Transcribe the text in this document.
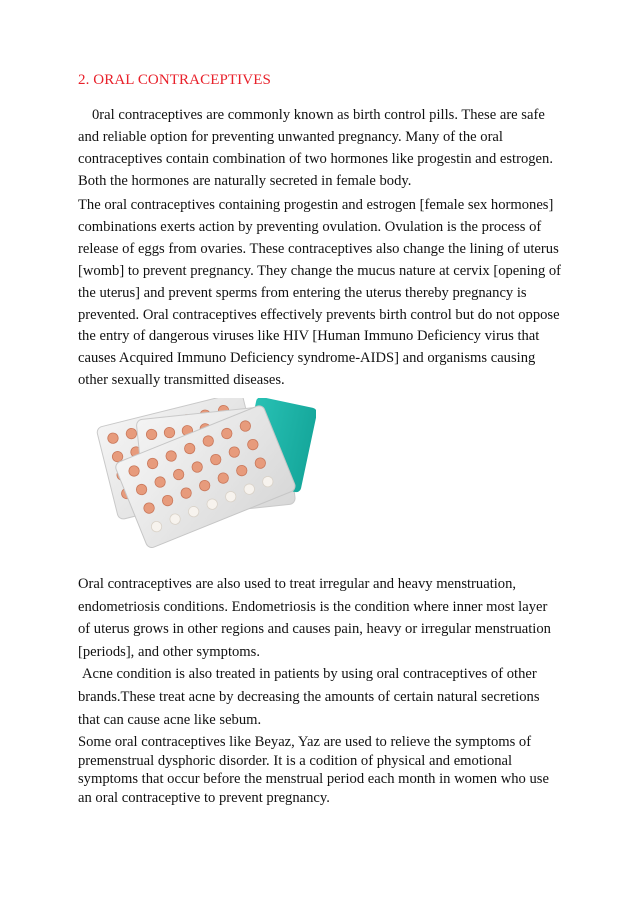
2. ORAL CONTRACEPTIVES

0ral contraceptives are commonly known as birth control pills. These are safe and reliable option for preventing unwanted pregnancy. Many of the oral contraceptives contain combination of two hormones like progestin and estrogen. Both the hormones are naturally secreted in female body.

The oral contraceptives containing progestin and estrogen [female sex hormones] combinations exerts action by preventing ovulation. Ovulation is the process of release of eggs from ovaries. These contraceptives also change the lining of uterus [womb] to prevent pregnancy. They change the mucus nature at cervix [opening of the uterus] and prevent sperms from entering the uterus thereby pregnancy is prevented. Oral contraceptives effectively prevents birth control but do not oppose the entry of dangerous viruses like HIV [Human Immuno Deficiency virus that causes Acquired Immuno Deficiency syndrome-AIDS] and organisms causing other sexually transmitted diseases.

Oral contraceptives are also used to treat irregular and heavy menstruation, endometriosis conditions. Endometriosis is the condition where inner most layer of uterus grows in other regions and causes pain, heavy or irregular menstruation [periods], and other symptoms.

Acne condition is also treated in patients by using oral contraceptives of other brands.These treat acne by decreasing the amounts of certain natural secretions that can cause acne like sebum.

Some oral contraceptives like Beyaz, Yaz are used to relieve the symptoms of premenstrual dysphoric disorder. It is a codition of physical and emotional symptoms that occur before the menstrual period each month in women who use an oral contraceptive to prevent pregnancy.
